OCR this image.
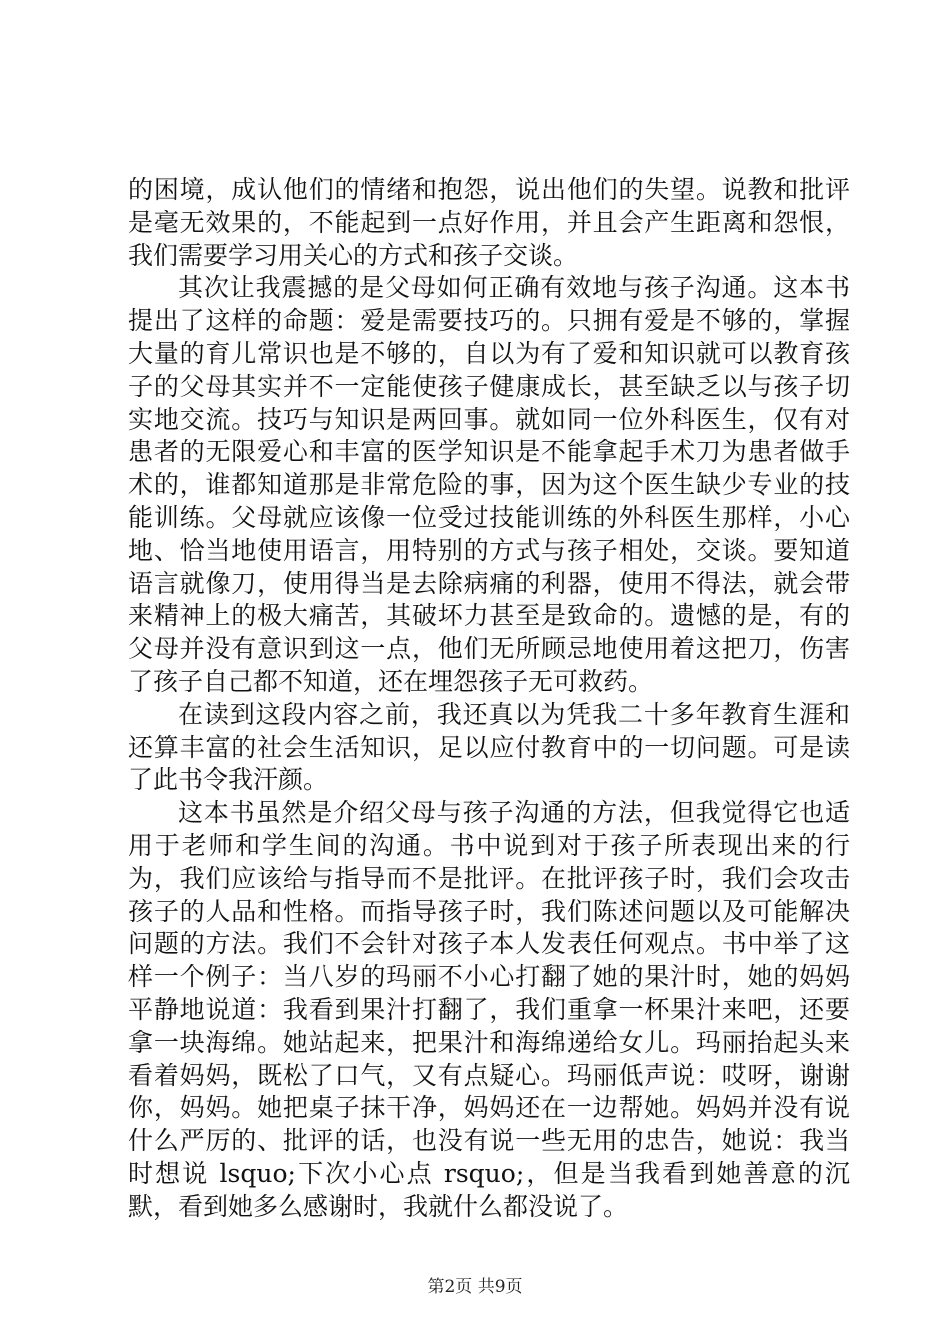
的困境，成认他们的情绪和抱怨，说出他们的失望。说教和批评是毫无效果的，不能起到一点好作用，并且会产生距离和怨恨，我们需要学习用关心的方式和孩子交谈。

其次让我震撼的是父母如何正确有效地与孩子沟通。这本书提出了这样的命题：爱是需要技巧的。只拥有爱是不够的，掌握大量的育儿常识也是不够的，自以为有了爱和知识就可以教育孩子的父母其实并不一定能使孩子健康成长，甚至缺乏以与孩子切实地交流。技巧与知识是两回事。就如同一位外科医生，仅有对患者的无限爱心和丰富的医学知识是不能拿起手术刀为患者做手术的，谁都知道那是非常危险的事，因为这个医生缺少专业的技能训练。父母就应该像一位受过技能训练的外科医生那样，小心地、恰当地使用语言，用特别的方式与孩子相处，交谈。要知道语言就像刀，使用得当是去除病痛的利器，使用不得法，就会带来精神上的极大痛苦，其破坏力甚至是致命的。遗憾的是，有的父母并没有意识到这一点，他们无所顾忌地使用着这把刀，伤害了孩子自己都不知道，还在埋怨孩子无可救药。

在读到这段内容之前，我还真以为凭我二十多年教育生涯和还算丰富的社会生活知识，足以应付教育中的一切问题。可是读了此书令我汗颜。

这本书虽然是介绍父母与孩子沟通的方法，但我觉得它也适用于老师和学生间的沟通。书中说到对于孩子所表现出来的行为，我们应该给与指导而不是批评。在批评孩子时，我们会攻击孩子的人品和性格。而指导孩子时，我们陈述问题以及可能解决问题的方法。我们不会针对孩子本人发表任何观点。书中举了这样一个例子：当八岁的玛丽不小心打翻了她的果汁时，她的妈妈平静地说道：我看到果汁打翻了，我们重拿一杯果汁来吧，还要拿一块海绵。她站起来，把果汁和海绵递给女儿。玛丽抬起头来看着妈妈，既松了口气，又有点疑心。玛丽低声说：哎呀，谢谢你，妈妈。她把桌子抹干净，妈妈还在一边帮她。妈妈并没有说什么严厉的、批评的话，也没有说一些无用的忠告，她说：我当时想说 lsquo;下次小心点 rsquo;，但是当我看到她善意的沉默，看到她多么感谢时，我就什么都没说了。

第2页 共9页
